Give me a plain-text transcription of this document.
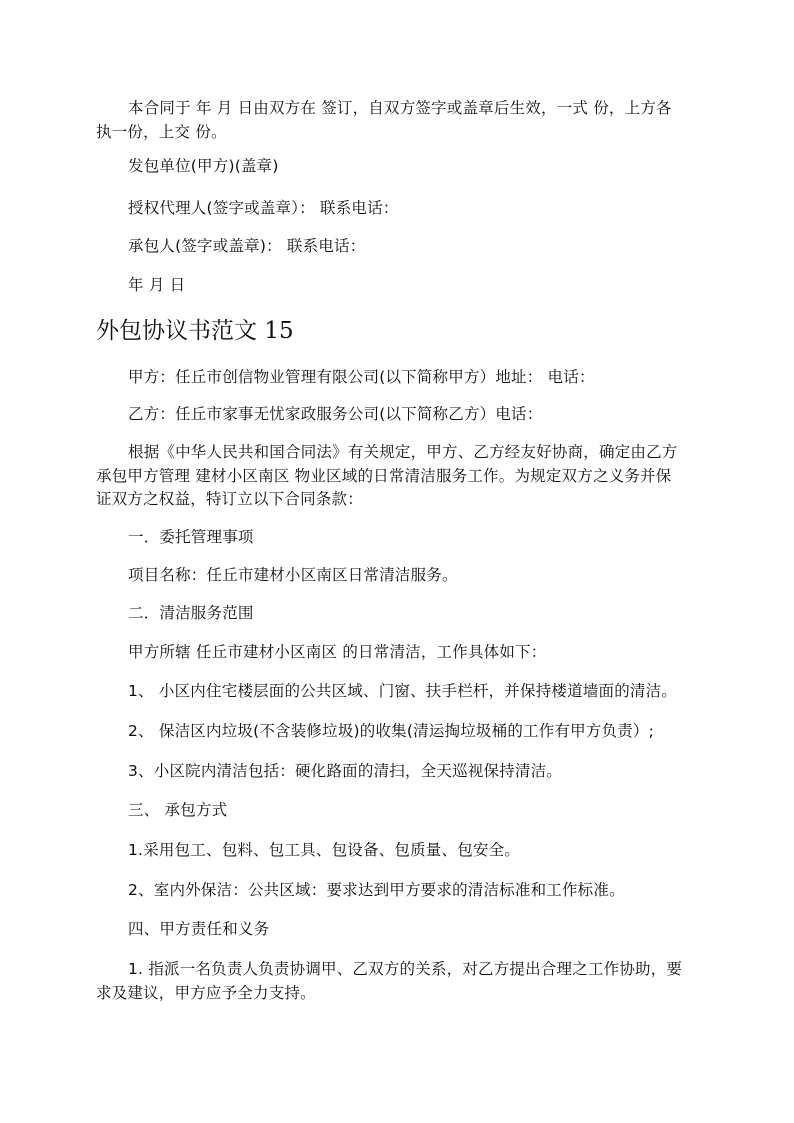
本合同于 年 月 日由双方在 签订，自双方签字或盖章后生效，一式 份，上方各
执一份，上交 份。
发包单位(甲方)(盖章)
授权代理人(签字或盖章）： 联系电话：
承包人(签字或盖章)： 联系电话：
年 月 日
外包协议书范文 15
甲方：任丘市创信物业管理有限公司(以下简称甲方）地址： 电话：
乙方：任丘市家事无忧家政服务公司(以下简称乙方）电话：
根据《中华人民共和国合同法》有关规定，甲方、乙方经友好协商，确定由乙方
承包甲方管理 建材小区南区 物业区域的日常清洁服务工作。为规定双方之义务并保
证双方之权益，特订立以下合同条款：
一．委托管理事项
项目名称：任丘市建材小区南区日常清洁服务。
二．清洁服务范围
甲方所辖 任丘市建材小区南区 的日常清洁，工作具体如下：
1、 小区内住宅楼层面的公共区域、门窗、扶手栏杆，并保持楼道墙面的清洁。
2、 保洁区内垃圾(不含装修垃圾)的收集(清运掏垃圾桶的工作有甲方负责）;
3、小区院内清洁包括：硬化路面的清扫，全天巡视保持清洁。
三、 承包方式
1.采用包工、包料、包工具、包设备、包质量、包安全。
2、室内外保洁：公共区域：要求达到甲方要求的清洁标准和工作标准。
四、甲方责任和义务
1. 指派一名负责人负责协调甲、乙双方的关系，对乙方提出合理之工作协助，要
求及建议，甲方应予全力支持。
